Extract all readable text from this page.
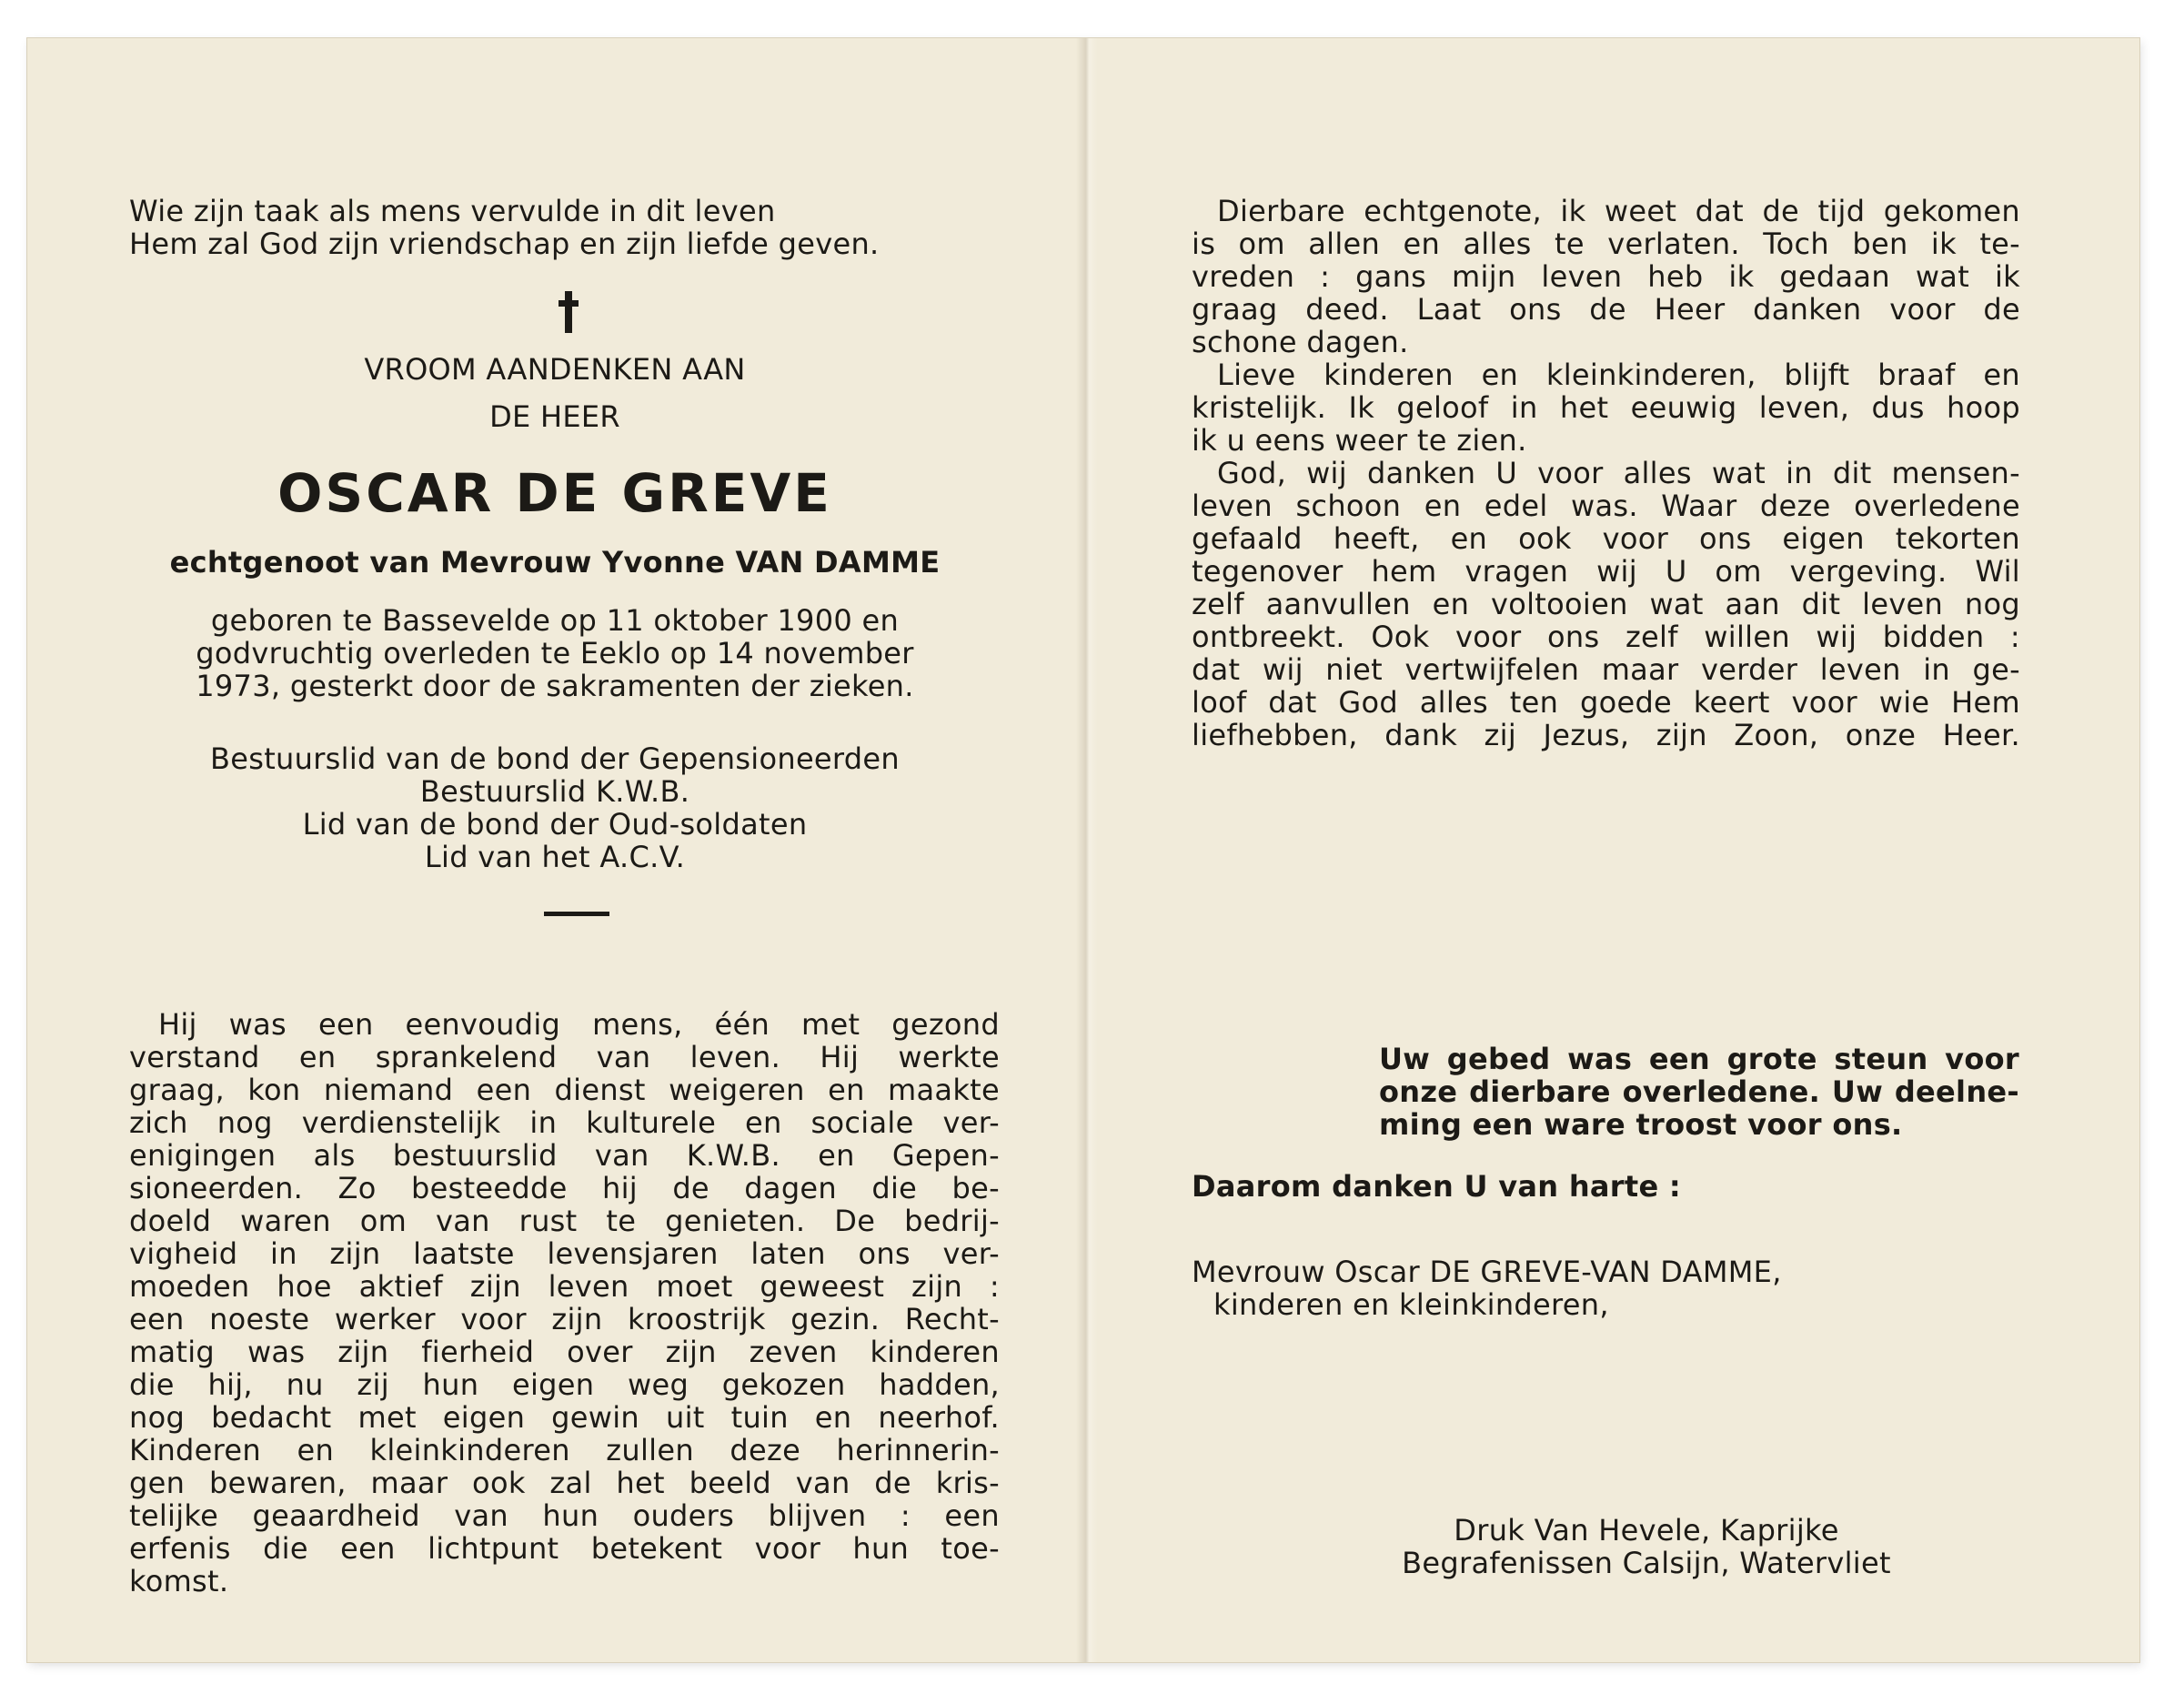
Wie zijn taak als mens vervulde in dit leven
Hem zal God zijn vriendschap en zijn liefde geven.
VROOM AANDENKEN AAN
DE HEER
OSCAR DE GREVE
echtgenoot van Mevrouw Yvonne VAN DAMME
geboren te Bassevelde op 11 oktober 1900 en
godvruchtig overleden te Eeklo op 14 november
1973, gesterkt door de sakramenten der zieken.
Bestuurslid van de bond der Gepensioneerden
Bestuurslid K.W.B.
Lid van de bond der Oud-soldaten
Lid van het A.C.V.
Hij was een eenvoudig mens, één met gezond
verstand en sprankelend van leven. Hij werkte
graag, kon niemand een dienst weigeren en maakte
zich nog verdienstelijk in kulturele en sociale ver-
enigingen als bestuurslid van K.W.B. en Gepen-
sioneerden. Zo besteedde hij de dagen die be-
doeld waren om van rust te genieten. De bedrij-
vigheid in zijn laatste levensjaren laten ons ver-
moeden hoe aktief zijn leven moet geweest zijn :
een noeste werker voor zijn kroostrijk gezin. Recht-
matig was zijn fierheid over zijn zeven kinderen
die hij, nu zij hun eigen weg gekozen hadden,
nog bedacht met eigen gewin uit tuin en neerhof.
Kinderen en kleinkinderen zullen deze herinnerin-
gen bewaren, maar ook zal het beeld van de kris-
telijke geaardheid van hun ouders blijven : een
erfenis die een lichtpunt betekent voor hun toe-
komst.
Dierbare echtgenote, ik weet dat de tijd gekomen
is om allen en alles te verlaten. Toch ben ik te-
vreden : gans mijn leven heb ik gedaan wat ik
graag deed. Laat ons de Heer danken voor de
schone dagen.
Lieve kinderen en kleinkinderen, blijft braaf en
kristelijk. Ik geloof in het eeuwig leven, dus hoop
ik u eens weer te zien.
God, wij danken U voor alles wat in dit mensen-
leven schoon en edel was. Waar deze overledene
gefaald heeft, en ook voor ons eigen tekorten
tegenover hem vragen wij U om vergeving. Wil
zelf aanvullen en voltooien wat aan dit leven nog
ontbreekt. Ook voor ons zelf willen wij bidden :
dat wij niet vertwijfelen maar verder leven in ge-
loof dat God alles ten goede keert voor wie Hem
liefhebben, dank zij Jezus, zijn Zoon, onze Heer.
Uw gebed was een grote steun voor
onze dierbare overledene. Uw deelne-
ming een ware troost voor ons.
Daarom danken U van harte :
Mevrouw Oscar DE GREVE-VAN DAMME,
kinderen en kleinkinderen,
Druk Van Hevele, Kaprijke
Begrafenissen Calsijn, Watervliet
